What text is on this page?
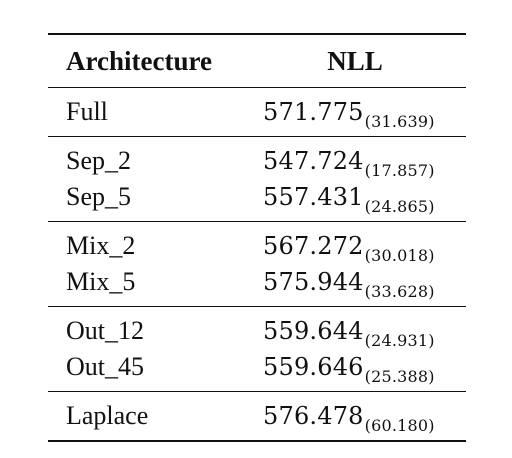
Architecture	NLL
Full	$571.775_{(31.639)}$
Sep_2	$547.724_{(17.857)}$
Sep_5	$557.431_{(24.865)}$
Mix_2	$567.272_{(30.018)}$
Mix_5	$575.944_{(33.628)}$
Out_12	$559.644_{(24.931)}$
Out_45	$559.646_{(25.388)}$
Laplace	$576.478_{(60.180)}$
